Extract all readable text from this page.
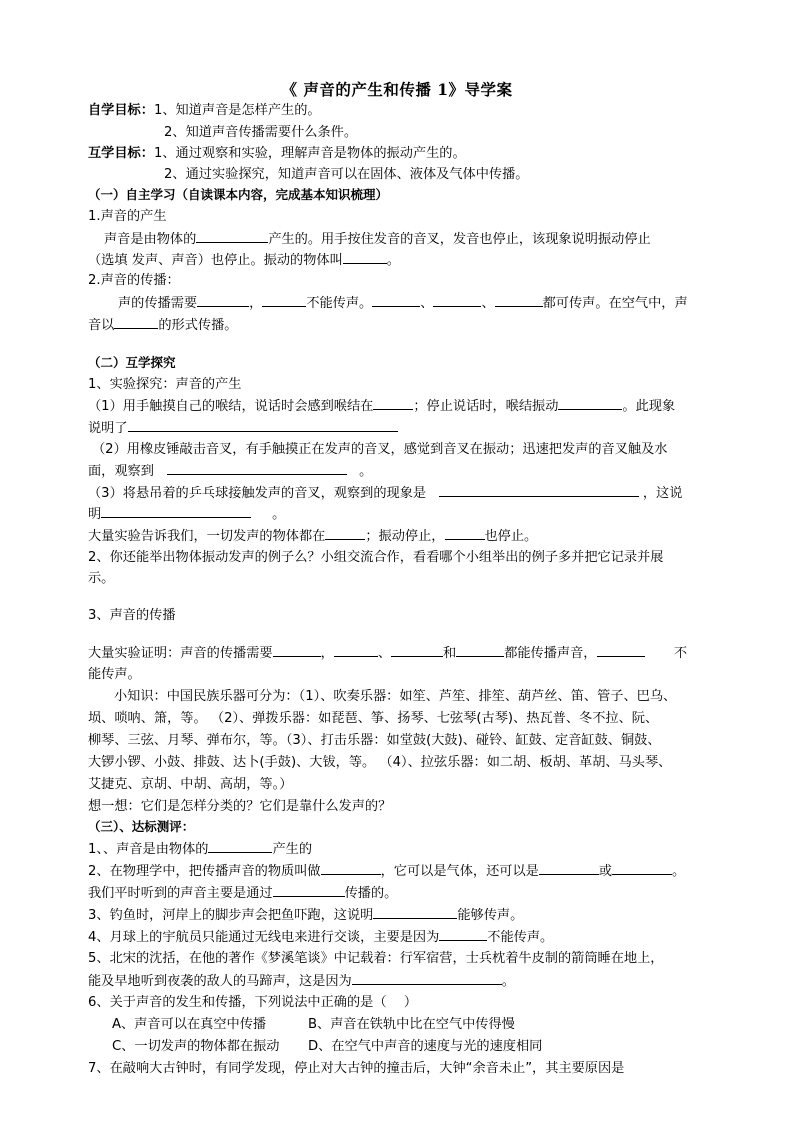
《 声音的产生和传播 1》导学案
自学目标：1、知道声音是怎样产生的。
2、知道声音传播需要什么条件。
互学目标：1、通过观察和实验，理解声音是物体的振动产生的。
2、通过实验探究，知道声音可以在固体、液体及气体中传播。
（一）自主学习（自读课本内容，完成基本知识梳理）
1.声音的产生
声音是由物体的	产生的。用手按住发音的音叉，发音也停止，该现象说明振动停止
（选填 发声、声音）也停止。振动的物体叫	。
2.声音的传播：
声的传播需要	，	不能传声。	、	、	都可传声。在空气中，声
音以	的形式传播。
（二）互学探究
1、实验探究：声音的产生
（1）用手触摸自己的喉结，说话时会感到喉结在	；停止说话时，喉结振动	。此现象
说明了
（2）用橡皮锤敲击音叉，有手触摸正在发声的音叉，感觉到音叉在振动；迅速把发声的音叉触及水
面，观察到	。
（3）将悬吊着的乒乓球接触发声的音叉，观察到的现象是	，这说
明	。
大量实验告诉我们，一切发声的物体都在	；振动停止，	也停止。
2、你还能举出物体振动发声的例子么？小组交流合作，看看哪个小组举出的例子多并把它记录并展
示。
3、声音的传播
大量实验证明：声音的传播需要	，	、	和	都能传播声音，	不
能传声。
小知识：中国民族乐器可分为：（1）、吹奏乐器：如笙、芦笙、排笙、葫芦丝、笛、管子、巴乌、
埙、唢呐、箫，等。 （2）、弹拨乐器：如琵琶、筝、扬琴、七弦琴(古琴)、热瓦普、冬不拉、阮、
柳琴、三弦、月琴、弹布尔，等。（3）、打击乐器：如堂鼓(大鼓)、碰铃、缸鼓、定音缸鼓、铜鼓、
大锣小锣、小鼓、排鼓、达卜(手鼓)、大钹，等。 （4）、拉弦乐器：如二胡、板胡、革胡、马头琴、
艾捷克、京胡、中胡、高胡，等。）
想一想：它们是怎样分类的？它们是靠什么发声的？
（三）、达标测评：
1、、声音是由物体的	产生的
2、在物理学中，把传播声音的物质叫做	，它可以是气体，还可以是	或	。
我们平时听到的声音主要是通过	传播的。
3、钓鱼时，河岸上的脚步声会把鱼吓跑，这说明	能够传声。
4、月球上的宇航员只能通过无线电来进行交谈，主要是因为	不能传声。
5、北宋的沈括，在他的著作《梦溪笔谈》中记载着：行军宿营，士兵枕着牛皮制的箭筒睡在地上，
能及早地听到夜袭的敌人的马蹄声，这是因为	。
6、关于声音的发生和传播，下列说法中正确的是（　 ）
A、声音可以在真空中传播	B、声音在铁轨中比在空气中传得慢
C、一切发声的物体都在振动 D、在空气中声音的速度与光的速度相同
7、在敲响大古钟时，有同学发现，停止对大古钟的撞击后，大钟“余音未止”，其主要原因是
